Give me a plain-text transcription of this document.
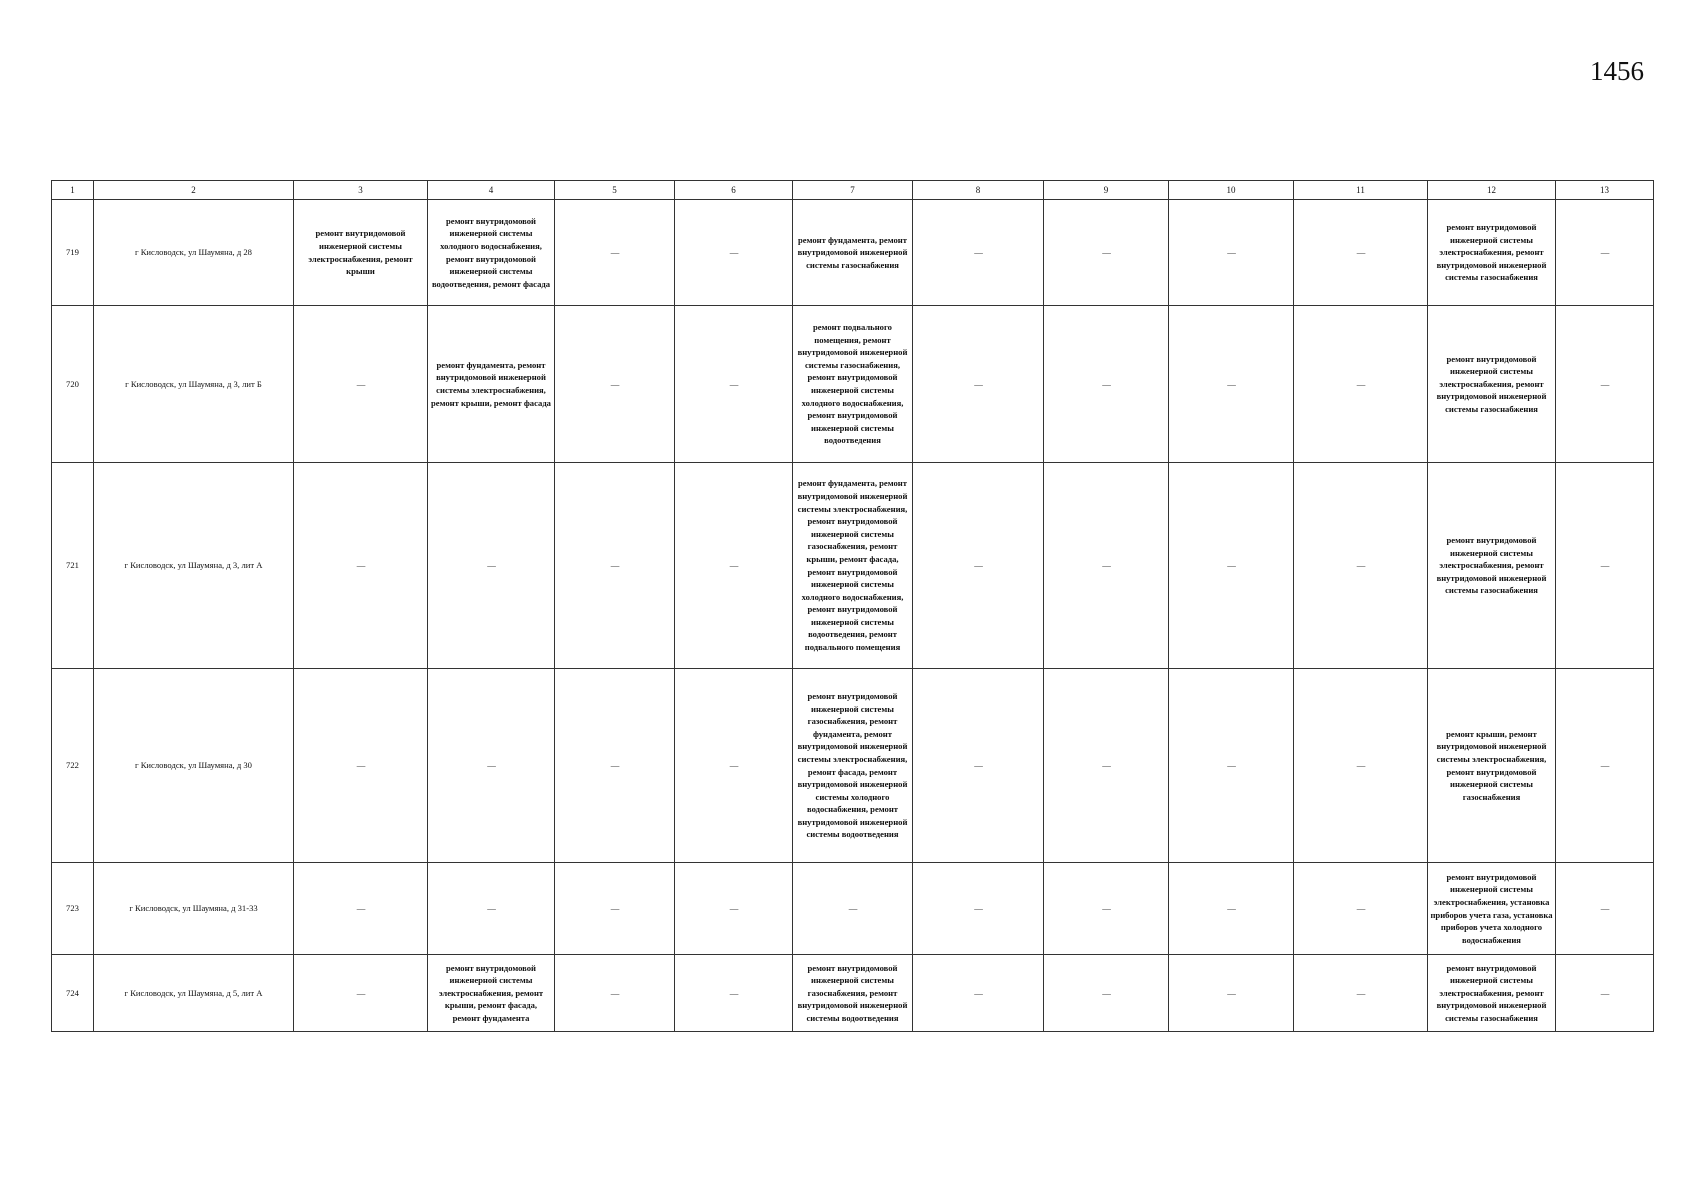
1456
1	2	3	4	5	6	7	8	9	10	11	12	13
719	г Кисловодск, ул Шаумяна, д 28	ремонт внутридомовой инженерной системы электроснабжения, ремонт крыши	ремонт внутридомовой инженерной системы холодного водоснабжения, ремонт внутридомовой инженерной системы водоотведения, ремонт фасада	—	—	ремонт фундамента, ремонт внутридомовой инженерной системы газоснабжения	—	—	—	—	ремонт внутридомовой инженерной системы электроснабжения, ремонт внутридомовой инженерной системы газоснабжения	—
720	г Кисловодск, ул Шаумяна, д 3, лит Б	—	ремонт фундамента, ремонт внутридомовой инженерной системы электроснабжения, ремонт крыши, ремонт фасада	—	—	ремонт подвального помещения, ремонт внутридомовой инженерной системы газоснабжения, ремонт внутридомовой инженерной системы холодного водоснабжения, ремонт внутридомовой инженерной системы водоотведения	—	—	—	—	ремонт внутридомовой инженерной системы электроснабжения, ремонт внутридомовой инженерной системы газоснабжения	—
721	г Кисловодск, ул Шаумяна, д 3, лит А	—	—	—	—	ремонт фундамента, ремонт внутридомовой инженерной системы электроснабжения, ремонт внутридомовой инженерной системы газоснабжения, ремонт крыши, ремонт фасада, ремонт внутридомовой инженерной системы холодного водоснабжения, ремонт внутридомовой инженерной системы водоотведения, ремонт подвального помещения	—	—	—	—	ремонт внутридомовой инженерной системы электроснабжения, ремонт внутридомовой инженерной системы газоснабжения	—
722	г Кисловодск, ул Шаумяна, д 30	—	—	—	—	ремонт внутридомовой инженерной системы газоснабжения, ремонт фундамента, ремонт внутридомовой инженерной системы электроснабжения, ремонт фасада, ремонт внутридомовой инженерной системы холодного водоснабжения, ремонт внутридомовой инженерной системы водоотведения	—	—	—	—	ремонт крыши, ремонт внутридомовой инженерной системы электроснабжения, ремонт внутридомовой инженерной системы газоснабжения	—
723	г Кисловодск, ул Шаумяна, д 31-33	—	—	—	—	—	—	—	—	—	ремонт внутридомовой инженерной системы электроснабжения, установка приборов учета газа, установка приборов учета холодного водоснабжения	—
724	г Кисловодск, ул Шаумяна, д 5, лит А	—	ремонт внутридомовой инженерной системы электроснабжения, ремонт крыши, ремонт фасада, ремонт фундамента	—	—	ремонт внутридомовой инженерной системы газоснабжения, ремонт внутридомовой инженерной системы водоотведения	—	—	—	—	ремонт внутридомовой инженерной системы электроснабжения, ремонт внутридомовой инженерной системы газоснабжения	—
